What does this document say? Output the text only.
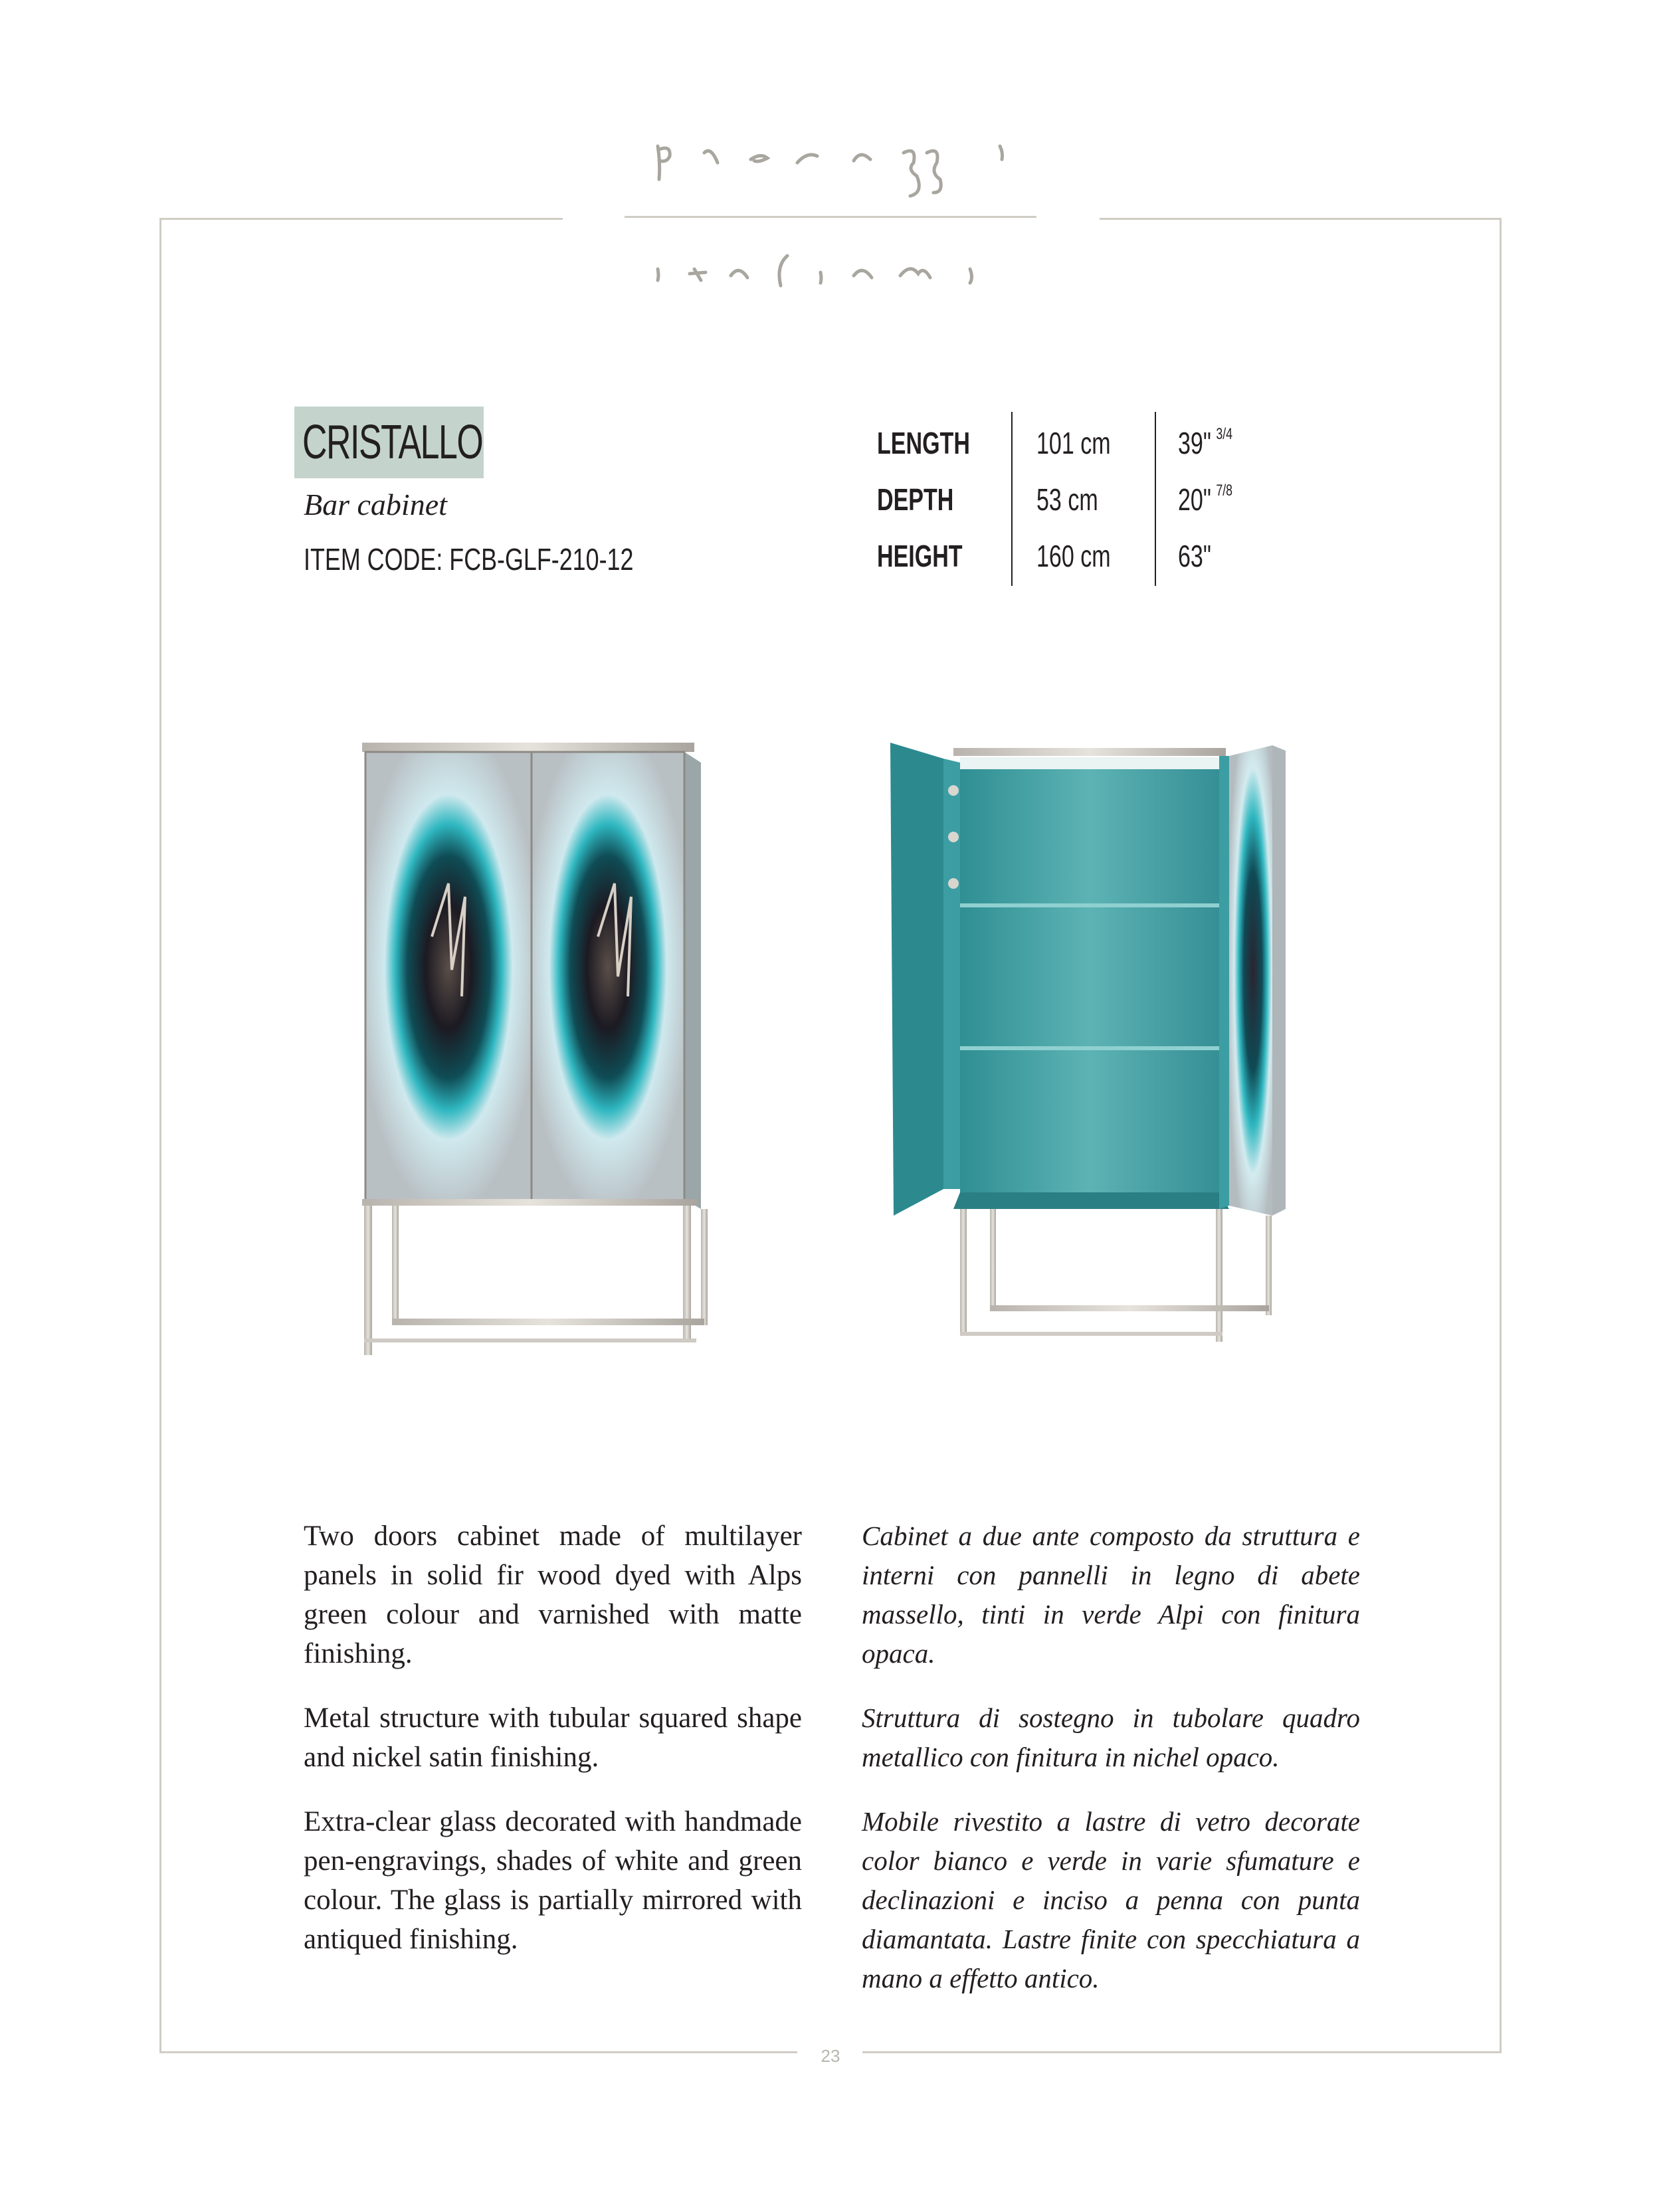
CRISTALLO
Bar cabinet
ITEM CODE: FCB-GLF-210-12
LENGTH 101 cm 39" $^{3/4}$
DEPTH	53 cm	20" $^{7/8}$
HEIGHT 160 cm 63"

Two doors cabinet made of multilayer panels in solid fir wood dyed with Alps green colour and varnished with matte finishing.

Metal structure with tubular squared shape and nickel satin finishing.

Extra-clear glass decorated with handmade pen-engravings, shades of white and green colour. The glass is partially mirrored with antiqued finishing.

Cabinet a due ante composto da struttura e interni con pannelli in legno di abete massello, tinti in verde Alpi con finitura opaca.

Struttura di sostegno in tubolare quadro metallico con finitura in nichel opaco.

Mobile rivestito a lastre di vetro decorate color bianco e verde in varie sfumature e declinazioni e inciso a penna con punta diamantata. Lastre finite con specchiatura a mano a effetto antico.

23
